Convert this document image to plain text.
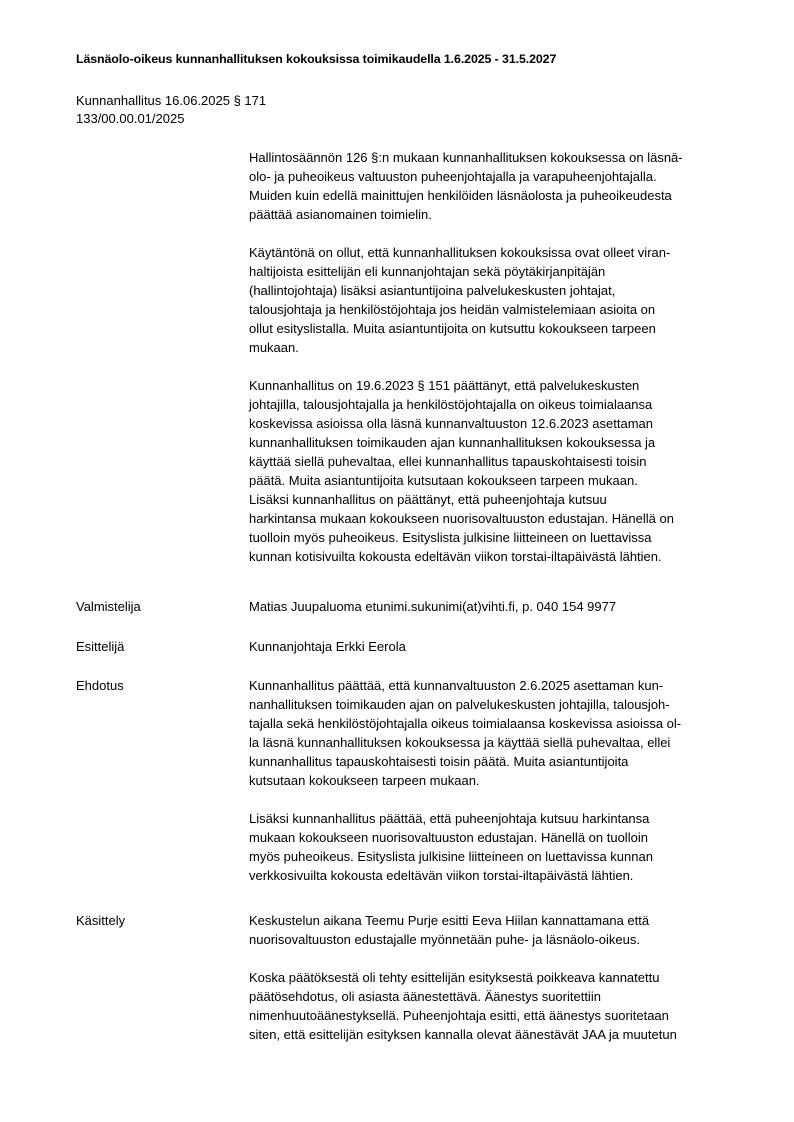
Läsnäolo-oikeus kunnanhallituksen kokouksissa toimikaudella 1.6.2025 - 31.5.2027
Kunnanhallitus 16.06.2025 § 171
133/00.00.01/2025

Hallintosäännön 126 §:n mukaan kunnanhallituksen kokouksessa on läsnä-
olo- ja puheoikeus valtuuston puheenjohtajalla ja varapuheenjohtajalla.
Muiden kuin edellä mainittujen henkilöiden läsnäolosta ja puheoikeudesta
päättää asianomainen toimielin.

Käytäntönä on ollut, että kunnanhallituksen kokouksissa ovat olleet viran-
haltijoista esittelijän eli kunnanjohtajan sekä pöytäkirjanpitäjän
(hallintojohtaja) lisäksi asiantuntijoina palvelukeskusten johtajat,
talousjohtaja ja henkilöstöjohtaja jos heidän valmistelemiaan asioita on
ollut esityslistalla. Muita asiantuntijoita on kutsuttu kokoukseen tarpeen
mukaan.

Kunnanhallitus on 19.6.2023 § 151 päättänyt, että palvelukeskusten
johtajilla, talousjohtajalla ja henkilöstöjohtajalla on oikeus toimialaansa
koskevissa asioissa olla läsnä kunnanvaltuuston 12.6.2023 asettaman
kunnanhallituksen toimikauden ajan kunnanhallituksen kokouksessa ja
käyttää siellä puhevaltaa, ellei kunnanhallitus tapauskohtaisesti toisin
päätä. Muita asiantuntijoita kutsutaan kokoukseen tarpeen mukaan.
Lisäksi kunnanhallitus on päättänyt, että puheenjohtaja kutsuu
harkintansa mukaan kokoukseen nuorisovaltuuston edustajan. Hänellä on
tuolloin myös puheoikeus. Esityslista julkisine liitteineen on luettavissa
kunnan kotisivuilta kokousta edeltävän viikon torstai-iltapäivästä lähtien.

Valmistelija	Matias Juupaluoma etunimi.sukunimi(at)vihti.fi, p. 040 154 9977
Esittelijä	Kunnanjohtaja Erkki Eerola
Ehdotus	Kunnanhallitus päättää, että kunnanvaltuuston 2.6.2025 asettaman kun-
nanhallituksen toimikauden ajan on palvelukeskusten johtajilla, talousjoh-
tajalla sekä henkilöstöjohtajalla oikeus toimialaansa koskevissa asioissa ol-
la läsnä kunnanhallituksen kokouksessa ja käyttää siellä puhevaltaa, ellei
kunnanhallitus tapauskohtaisesti toisin päätä. Muita asiantuntijoita
kutsutaan kokoukseen tarpeen mukaan.

Lisäksi kunnanhallitus päättää, että puheenjohtaja kutsuu harkintansa
mukaan kokoukseen nuorisovaltuuston edustajan. Hänellä on tuolloin
myös puheoikeus. Esityslista julkisine liitteineen on luettavissa kunnan
verkkosivuilta kokousta edeltävän viikon torstai-iltapäivästä lähtien.

Käsittely	Keskustelun aikana Teemu Purje esitti Eeva Hiilan kannattamana että
nuorisovaltuuston edustajalle myönnetään puhe- ja läsnäolo-oikeus.

Koska päätöksestä oli tehty esittelijän esityksestä poikkeava kannatettu
päätösehdotus, oli asiasta äänestettävä. Äänestys suoritettiin
nimenhuutoäänestyksellä. Puheenjohtaja esitti, että äänestys suoritetaan
siten, että esittelijän esityksen kannalla olevat äänestävät JAA ja muutetun
